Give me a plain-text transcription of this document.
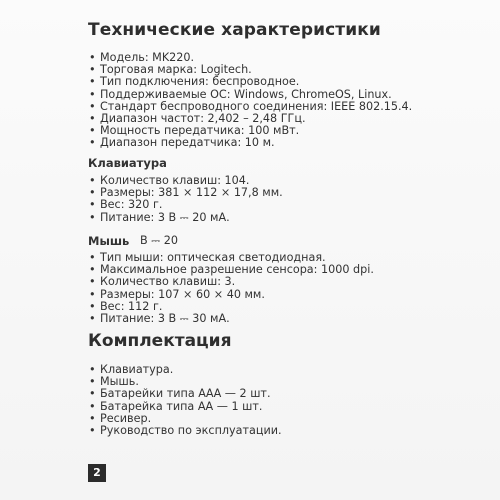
Технические характеристики
• Модель: MK220.
• Торговая марка: Logitech.
• Тип подключения: беспроводное.
• Поддерживаемые ОС: Windows, ChromeOS, Linux.
• Стандарт беспроводного соединения: IEEE 802.15.4.
• Диапазон частот: 2,402 – 2,48 ГГц.
• Мощность передатчика: 100 мВт.
• Диапазон передатчика: 10 м.
Клавиатура
• Количество клавиш: 104.
• Размеры: 381 × 112 × 17,8 мм.
• Вес: 320 г.
• Питание: 3 В ⎓ 20 мА.
Мышь В ⎓ 20
• Тип мыши: оптическая светодиодная.
• Максимальное разрешение сенсора: 1000 dpi.
• Количество клавиш: 3.
• Размеры: 107 × 60 × 40 мм.
• Вес: 112 г.
• Питание: 3 В ⎓ 30 мА.
Комплектация
• Клавиатура.
• Мышь.
• Батарейки типа ААА — 2 шт.
• Батарейка типа АА — 1 шт.
• Ресивер.
• Руководство по эксплуатации.
2
